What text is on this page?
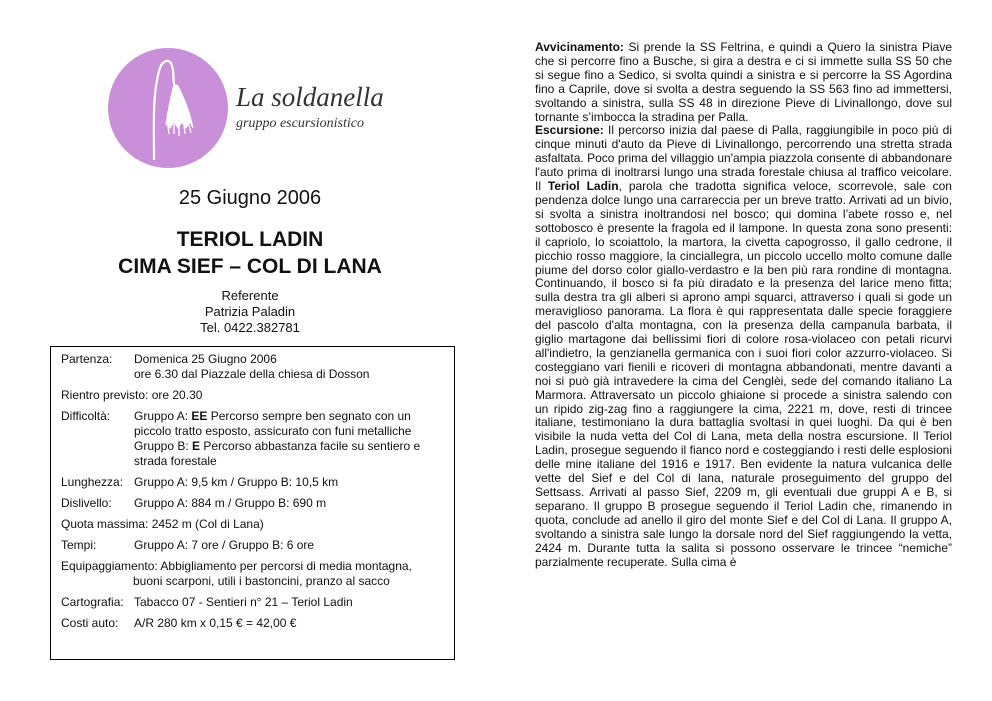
La soldanella
gruppo escursionistico
25 Giugno 2006
TERIOL LADIN
CIMA SIEF – COL DI LANA
Referente
Patrizia Paladin
Tel. 0422.382781
Partenza:	Domenica 25 Giugno 2006
ore 6.30 dal Piazzale della chiesa di Dosson
Rientro previsto: ore 20.30
Difficoltà:	Gruppo A: EE Percorso sempre ben segnato con un piccolo tratto esposto, assicurato con funi metalliche
Gruppo B: E Percorso abbastanza facile su sentiero e strada forestale
Lunghezza: Gruppo A: 9,5 km / Gruppo B: 10,5 km
Dislivello:	Gruppo A: 884 m / Gruppo B: 690 m
Quota massima: 2452 m (Col di Lana)
Tempi:	Gruppo A: 7 ore / Gruppo B: 6 ore
Equipaggiamento: Abbigliamento per percorsi di media montagna,
buoni scarponi, utili i bastoncini, pranzo al sacco
Cartografia: Tabacco 07 - Sentieri n° 21 – Teriol Ladin
Costi auto:	A/R 280 km x 0,15 € = 42,00 €

Avvicinamento: Si prende la SS Feltrina, e quindi a Quero la sinistra Piave che si percorre fino a Busche, si gira a destra e ci si immette sulla SS 50 che si segue fino a Sedico, si svolta quindi a sinistra e si percorre la SS Agordina fino a Caprile, dove si svolta a destra seguendo la SS 563 fino ad immettersi, svoltando a sinistra, sulla SS 48 in direzione Pieve di Livinallongo, dove sul tornante s’imbocca la stradina per Palla.

Escursione: Il percorso inizia dal paese di Palla, raggiungibile in poco più di cinque minuti d'auto da Pieve di Livinallongo, percorrendo una stretta strada asfaltata. Poco prima del villaggio un'ampia piazzola consente di abbandonare l'auto prima di inoltrarsi lungo una strada forestale chiusa al traffico veicolare. Il Teriol Ladin, parola che tradotta significa veloce, scorrevole, sale con pendenza dolce lungo una carrareccia per un breve tratto. Arrivati ad un bivio, si svolta a sinistra inoltrandosi nel bosco; qui domina l’abete rosso e, nel sottobosco è presente la fragola ed il lampone. In questa zona sono presenti: il capriolo, lo scoiattolo, la martora, la civetta capogrosso, il gallo cedrone, il picchio rosso maggiore, la cinciallegra, un piccolo uccello molto comune dalle piume del dorso color giallo-verdastro e la ben più rara rondine di montagna. Continuando, il bosco si fa più diradato e la presenza del larice meno fitta; sulla destra tra gli alberi si aprono ampi squarci, attraverso i quali si gode un meraviglioso panorama. La flora è qui rappresentata dalle specie foraggiere del pascolo d'alta montagna, con la presenza della campanula barbata, il giglio martagone dai bellissimi fiori di colore rosa-violaceo con petali ricurvi all'indietro, la genzianella germanica con i suoi fiori color azzurro-violaceo. Si costeggiano vari fienili e ricoveri di montagna abbandonati, mentre davanti a noi si può già intravedere la cima del Cenglèi, sede del comando italiano La Marmora. Attraversato un piccolo ghiaione si procede a sinistra salendo con un ripido zig-zag fino a raggiungere la cima, 2221 m, dove, resti di trincee italiane, testimoniano la dura battaglia svoltasi in quei luoghi. Da qui è ben visibile la nuda vetta del Col di Lana, meta della nostra escursione. Il Teriol Ladin, prosegue seguendo il fianco nord e costeggiando i resti delle esplosioni delle mine italiane del 1916 e 1917. Ben evidente la natura vulcanica delle vette del Sief e del Col di lana, naturale proseguimento del gruppo del Settsass. Arrivati al passo Sief, 2209 m, gli eventuali due gruppi A e B, si separano. Il gruppo B prosegue seguendo il Teriol Ladin che, rimanendo in quota, conclude ad anello il giro del monte Sief e del Col di Lana. Il gruppo A, svoltando a sinistra sale lungo la dorsale nord del Sief raggiungendo la vetta, 2424 m. Durante tutta la salita si possono osservare le trincee “nemiche” parzialmente recuperate. Sulla cima è
